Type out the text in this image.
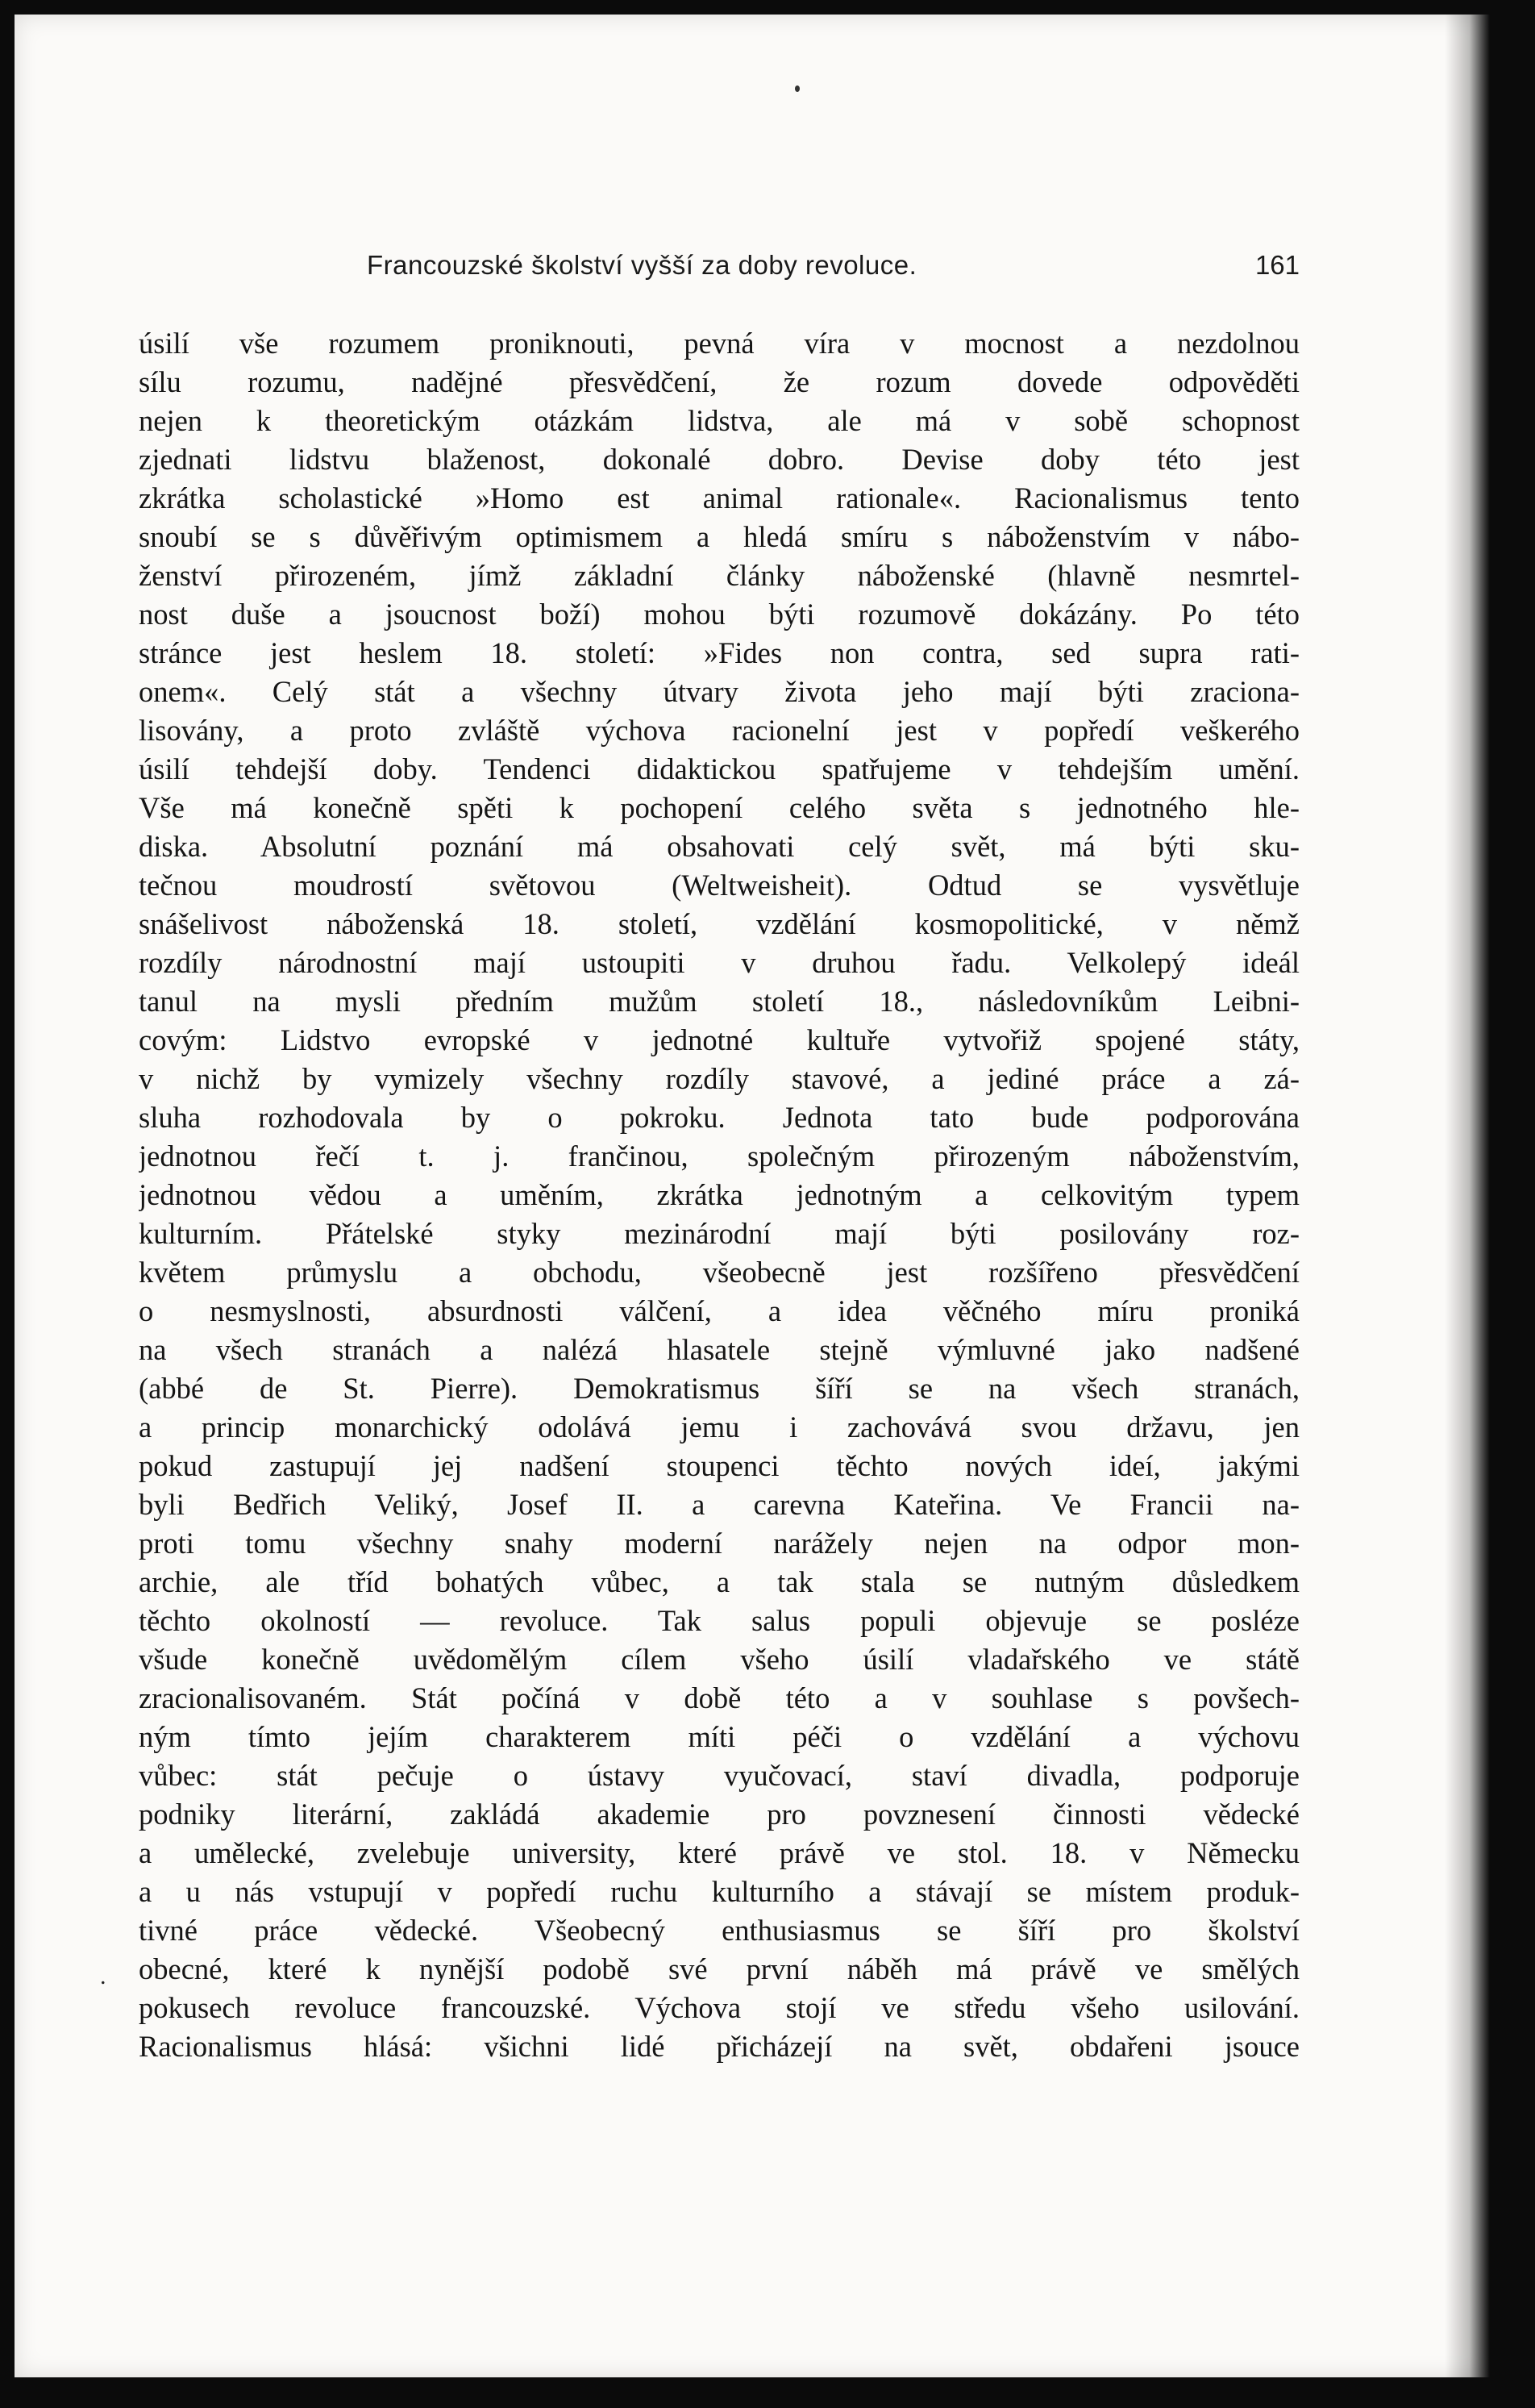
Francouzské školství vyšší za doby revoluce.	161
úsilí vše rozumem proniknouti, pevná víra v mocnost a nezdolnou
sílu rozumu, nadějné přesvědčení, že rozum dovede odpověděti
nejen k theoretickým otázkám lidstva, ale má v sobě schopnost
zjednati lidstvu blaženost, dokonalé dobro. Devise doby této jest
zkrátka scholastické »Homo est animal rationale«. Racionalismus tento
snoubí se s důvěřivým optimismem a hledá smíru s náboženstvím v nábo-
ženství přirozeném, jímž základní články náboženské (hlavně nesmrtel-
nost duše a jsoucnost boží) mohou býti rozumově dokázány. Po této
stránce jest heslem 18. století: »Fides non contra, sed supra rati-
onem«. Celý stát a všechny útvary života jeho mají býti zraciona-
lisovány, a proto zvláště výchova racionelní jest v popředí veškerého
úsilí tehdejší doby. Tendenci didaktickou spatřujeme v tehdejším umění.
Vše má konečně spěti k pochopení celého světa s jednotného hle-
diska. Absolutní poznání má obsahovati celý svět, má býti sku-
tečnou moudrostí světovou (Weltweisheit). Odtud se vysvětluje
snášelivost náboženská 18. století, vzdělání kosmopolitické, v němž
rozdíly národnostní mají ustoupiti v druhou řadu. Velkolepý ideál
tanul na mysli předním mužům století 18., následovníkům Leibni-
covým: Lidstvo evropské v jednotné kultuře vytvořiž spojené státy,
v nichž by vymizely všechny rozdíly stavové, a jediné práce a zá-
sluha rozhodovala by o pokroku. Jednota tato bude podporována
jednotnou řečí t. j. frančinou, společným přirozeným náboženstvím,
jednotnou vědou a uměním, zkrátka jednotným a celkovitým typem
kulturním. Přátelské styky mezinárodní mají býti posilovány roz-
květem průmyslu a obchodu, všeobecně jest rozšířeno přesvědčení
o nesmyslnosti, absurdnosti válčení, a idea věčného míru proniká
na všech stranách a nalézá hlasatele stejně výmluvné jako nadšené
(abbé de St. Pierre). Demokratismus šíří se na všech stranách,
a princip monarchický odolává jemu i zachovává svou državu, jen
pokud zastupují jej nadšení stoupenci těchto nových ideí, jakými
byli Bedřich Veliký, Josef II. a carevna Kateřina. Ve Francii na-
proti tomu všechny snahy moderní narážely nejen na odpor mon-
archie, ale tříd bohatých vůbec, a tak stala se nutným důsledkem
těchto okolností — revoluce. Tak salus populi objevuje se posléze
všude konečně uvědomělým cílem všeho úsilí vladařského ve státě
zracionalisovaném. Stát počíná v době této a v souhlase s povšech-
ným tímto jejím charakterem míti péči o vzdělání a výchovu
vůbec: stát pečuje o ústavy vyučovací, staví divadla, podporuje
podniky literární, zakládá akademie pro povznesení činnosti vědecké
a umělecké, zvelebuje university, které právě ve stol. 18. v Německu
a u nás vstupují v popředí ruchu kulturního a stávají se místem produk-
tivné práce vědecké. Všeobecný enthusiasmus se šíří pro školství
obecné, které k nynější podobě své první náběh má právě ve smělých
pokusech revoluce francouzské. Výchova stojí ve středu všeho usilování.
Racionalismus hlásá: všichni lidé přicházejí na svět, obdařeni jsouce
.
